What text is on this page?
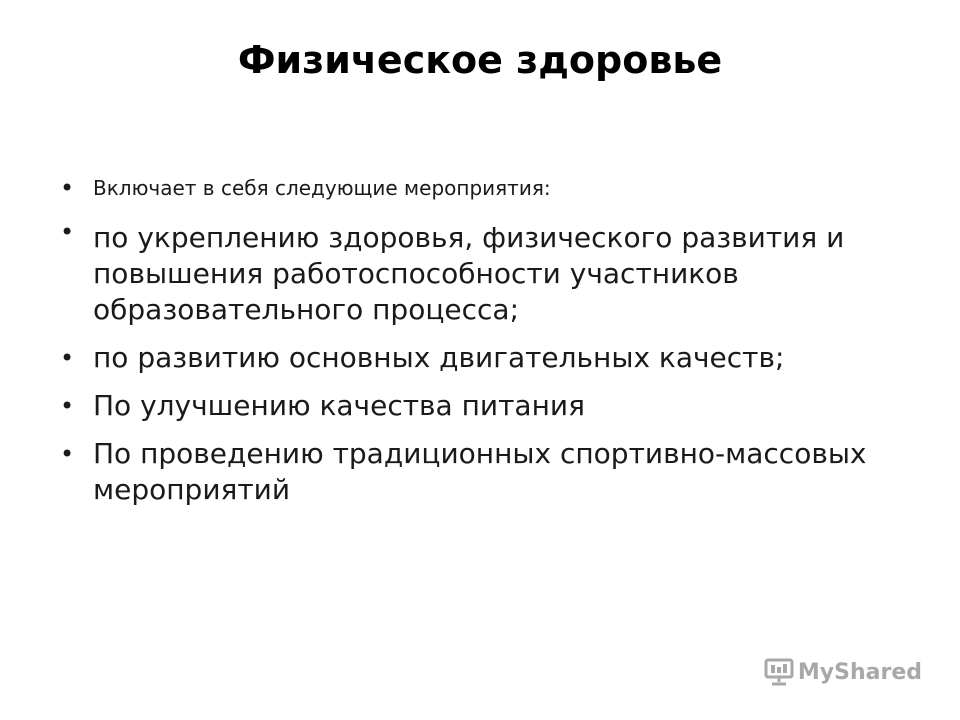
Физическое здоровье
• Включает в себя следующие мероприятия:
• по укреплению здоровья, физического развития и повышения работоспособности участников образовательного процесса;
• по развитию основных двигательных качеств;
• По улучшению качества питания
• По проведению традиционных спортивно-массовых мероприятий
MyShared
